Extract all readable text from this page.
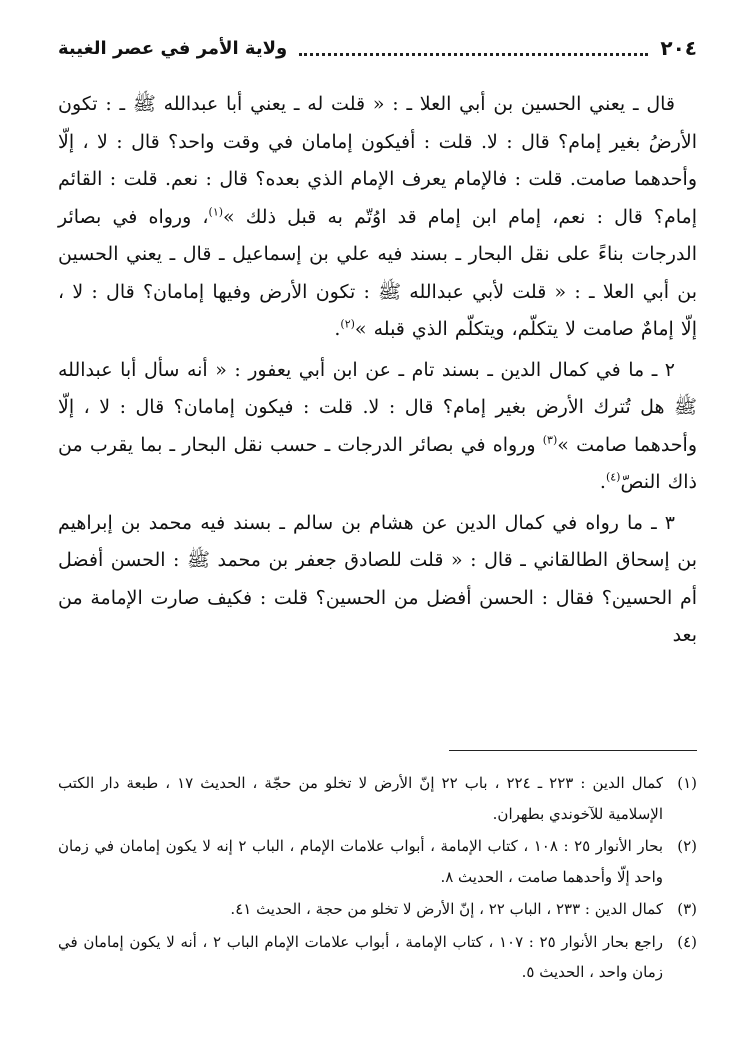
٢٠٤
ولاية الأمر في عصر الغيبة

قال ـ يعني الحسين بن أبي العلا ـ : « قلت له ـ يعني أبا عبدالله ﷺ ـ : تكون الأرضُ بغير إمام؟ قال : لا. قلت : أفيكون إمامان في وقت واحد؟ قال : لا ، إلّا وأحدهما صامت. قلت : فالإمام يعرف الإمام الذي بعده؟ قال : نعم. قلت : القائم إمام؟ قال : نعم، إمام ابن إمام قد اوُتّم به قبل ذلك »$^{(١)}$، ورواه في بصائر الدرجات بناءً على نقل البحار ـ بسند فيه علي بن إسماعيل ـ قال ـ يعني الحسين بن أبي العلا ـ : « قلت لأبي عبدالله ﷺ : تكون الأرض وفيها إمامان؟ قال : لا ، إلّا إمامٌ صامت لا يتكلّم، ويتكلّم الذي قبله »$^{(٢)}$.

٢ ـ ما في كمال الدين ـ بسند تام ـ عن ابن أبي يعفور : « أنه سأل أبا عبدالله ﷺ هل تُترك الأرض بغير إمام؟ قال : لا. قلت : فيكون إمامان؟ قال : لا ، إلّا وأحدهما صامت »$^{(٣)}$ ورواه في بصائر الدرجات ـ حسب نقل البحار ـ بما يقرب من ذاك النصّ$^{(٤)}$.

٣ ـ ما رواه في كمال الدين عن هشام بن سالم ـ بسند فيه محمد بن إبراهيم بن إسحاق الطالقاني ـ قال : « قلت للصادق جعفر بن محمد ﷺ : الحسن أفضل أم الحسين؟ فقال : الحسن أفضل من الحسين؟ قلت : فكيف صارت الإمامة من بعد

(١)
كمال الدين : ٢٢٣ ـ ٢٢٤ ، باب ٢٢ إنّ الأرض لا تخلو من حجّة ، الحديث ١٧ ، طبعة دار الكتب الإسلامية للآخوندي بطهران.
(٢)
بحار الأنوار ٢٥ : ١٠٨ ، كتاب الإمامة ، أبواب علامات الإمام ، الباب ٢ إنه لا يكون إمامان في زمان واحد إلّا وأحدهما صامت ، الحديث ٨.
(٣)
كمال الدين : ٢٣٣ ، الباب ٢٢ ، إنّ الأرض لا تخلو من حجة ، الحديث ٤١.
(٤)
راجع بحار الأنوار ٢٥ : ١٠٧ ، كتاب الإمامة ، أبواب علامات الإمام الباب ٢ ، أنه لا يكون إمامان في زمان واحد ، الحديث ٥.
